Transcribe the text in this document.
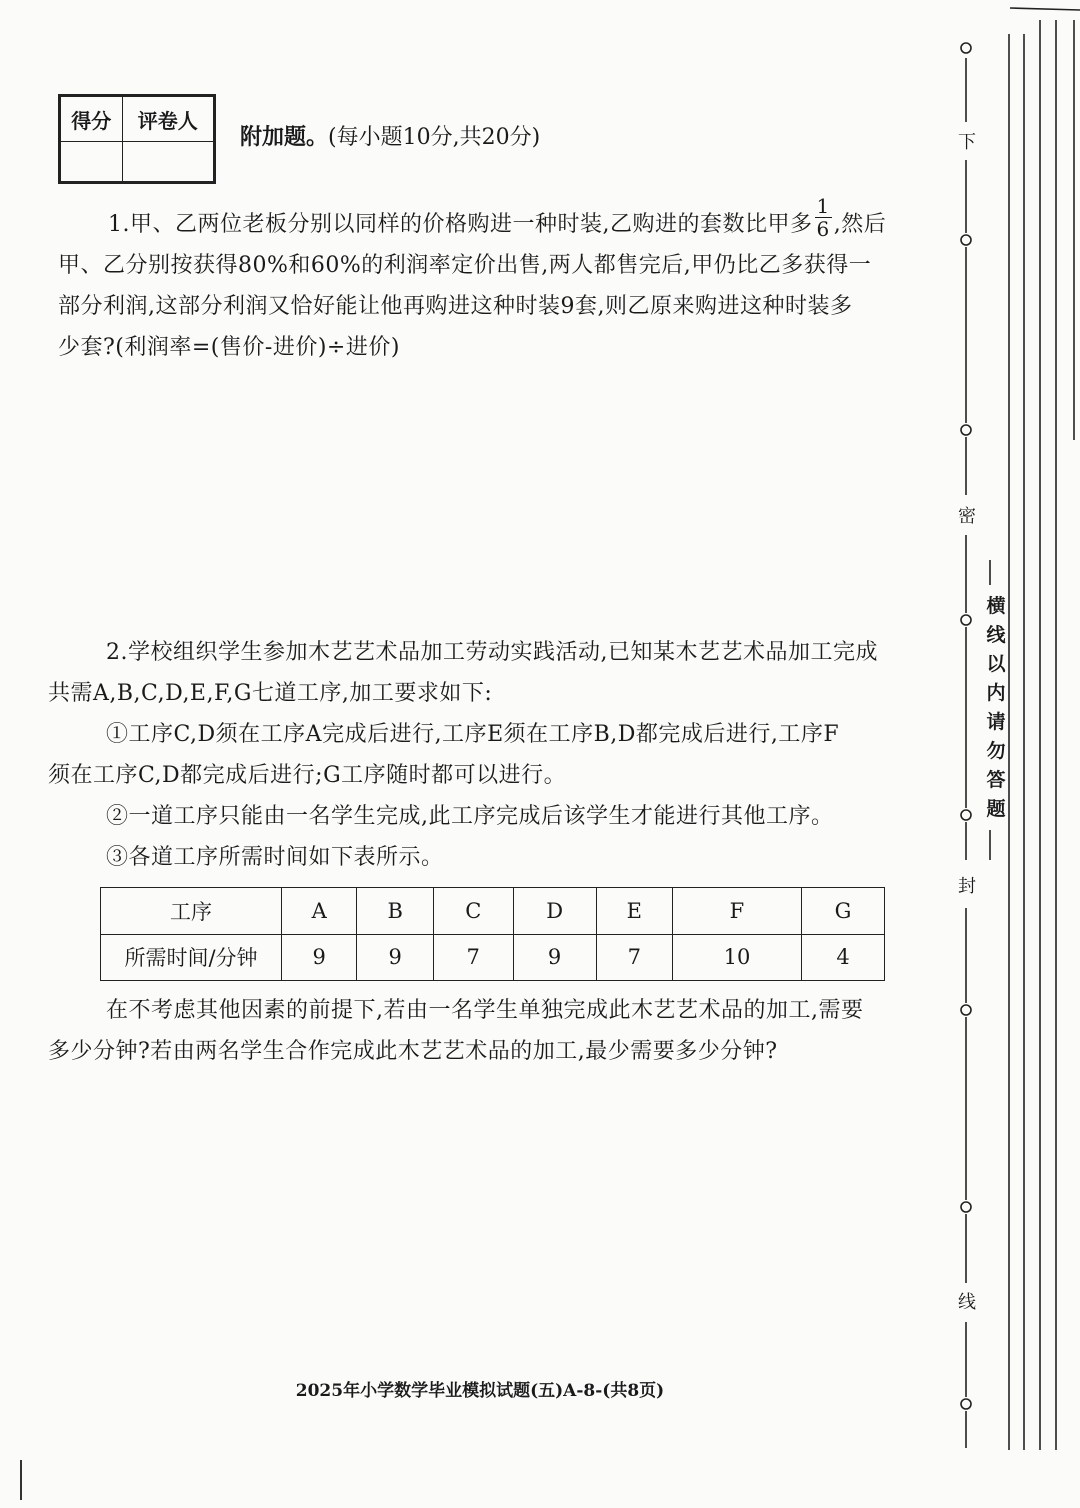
得分	评卷人

附加题。(每小题10分,共20分)
1.甲、乙两位老板分别以同样的价格购进一种时装,乙购进的套数比甲多 $\frac{1}{6}$ ,然后
甲、乙分别按获得80%和60%的利润率定价出售,两人都售完后,甲仍比乙多获得一
部分利润,这部分利润又恰好能让他再购进这种时装9套,则乙原来购进这种时装多
少套?(利润率=(售价-进价)÷进价)
2.学校组织学生参加木艺艺术品加工劳动实践活动,已知某木艺艺术品加工完成
共需A,B,C,D,E,F,G七道工序,加工要求如下:
①工序C,D须在工序A完成后进行,工序E须在工序B,D都完成后进行,工序F
须在工序C,D都完成后进行;G工序随时都可以进行。
②一道工序只能由一名学生完成,此工序完成后该学生才能进行其他工序。
③各道工序所需时间如下表所示。
工序	A	B	C	D	E	F	G
所需时间/分钟	9	9	7	9	7	10	4
在不考虑其他因素的前提下,若由一名学生单独完成此木艺艺术品的加工,需要
多少分钟?若由两名学生合作完成此木艺艺术品的加工,最少需要多少分钟?
2025年小学数学毕业模拟试题(五)A-8-(共8页)
下
密
封
线
横
线
以
内
请
勿
答
题
